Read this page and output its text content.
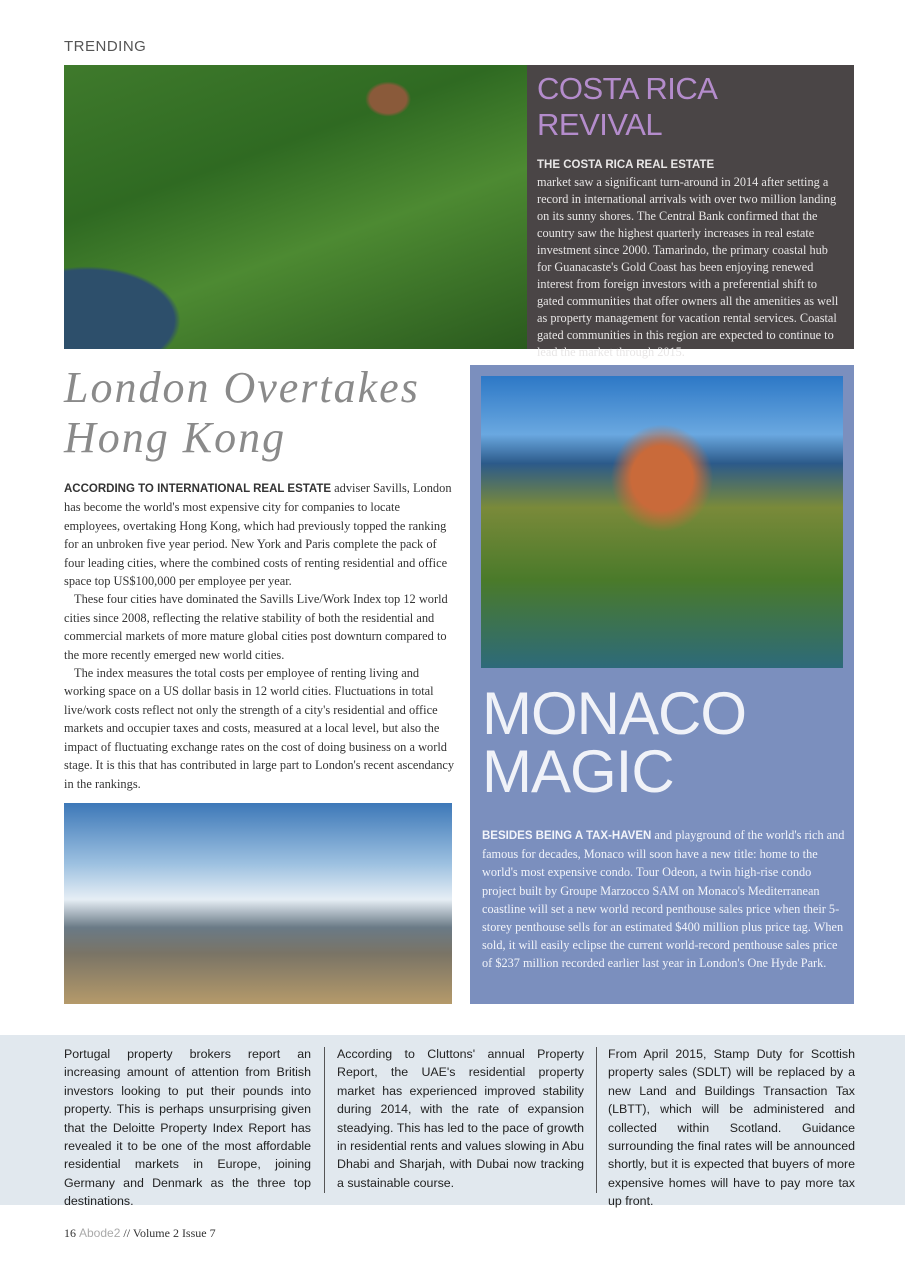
TRENDING
COSTA RICA REVIVAL
THE COSTA RICA REAL ESTATE
market saw a significant turn-around in 2014 after setting a record in international arrivals with over two million landing on its sunny shores. The Central Bank confirmed that the country saw the highest quarterly increases in real estate investment since 2000. Tamarindo, the primary coastal hub for Guanacaste's Gold Coast has been enjoying renewed interest from foreign investors with a preferential shift to gated communities that offer owners all the amenities as well as property management for vacation rental services. Coastal gated communities in this region are expected to continue to lead the market through 2015.
London Overtakes Hong Kong

ACCORDING TO INTERNATIONAL REAL ESTATE adviser Savills, London has become the world's most expensive city for companies to locate employees, overtaking Hong Kong, which had previously topped the ranking for an unbroken five year period. New York and Paris complete the pack of four leading cities, where the combined costs of renting residential and office space top US$100,000 per employee per year.

These four cities have dominated the Savills Live/Work Index top 12 world cities since 2008, reflecting the relative stability of both the residential and commercial markets of more mature global cities post downturn compared to the more recently emerged new world cities.

The index measures the total costs per employee of renting living and working space on a US dollar basis in 12 world cities. Fluctuations in total live/work costs reflect not only the strength of a city's residential and office markets and occupier taxes and costs, measured at a local level, but also the impact of fluctuating exchange rates on the cost of doing business on a world stage. It is this that has contributed in large part to London's recent ascendancy in the rankings.

MONACO
MAGIC

BESIDES BEING A TAX-HAVEN and playground of the world's rich and famous for decades, Monaco will soon have a new title: home to the world's most expensive condo. Tour Odeon, a twin high-rise condo project built by Groupe Marzocco SAM on Monaco's Mediterranean coastline will set a new world record penthouse sales price when their 5-storey penthouse sells for an estimated $400 million plus price tag. When sold, it will easily eclipse the current world-record penthouse sales price of $237 million recorded earlier last year in London's One Hyde Park.

Portugal property brokers report an increasing amount of attention from British investors looking to put their pounds into property. This is perhaps unsurprising given that the Deloitte Property Index Report has revealed it to be one of the most affordable residential markets in Europe, joining Germany and Denmark as the three top destinations.

According to Cluttons' annual Property Report, the UAE's residential property market has experienced improved stability during 2014, with the rate of expansion steadying. This has led to the pace of growth in residential rents and values slowing in Abu Dhabi and Sharjah, with Dubai now tracking a sustainable course.

From April 2015, Stamp Duty for Scottish property sales (SDLT) will be replaced by a new Land and Buildings Transaction Tax (LBTT), which will be administered and collected within Scotland. Guidance surrounding the final rates will be announced shortly, but it is expected that buyers of more expensive homes will have to pay more tax up front.

16 Abode2 // Volume 2 Issue 7
